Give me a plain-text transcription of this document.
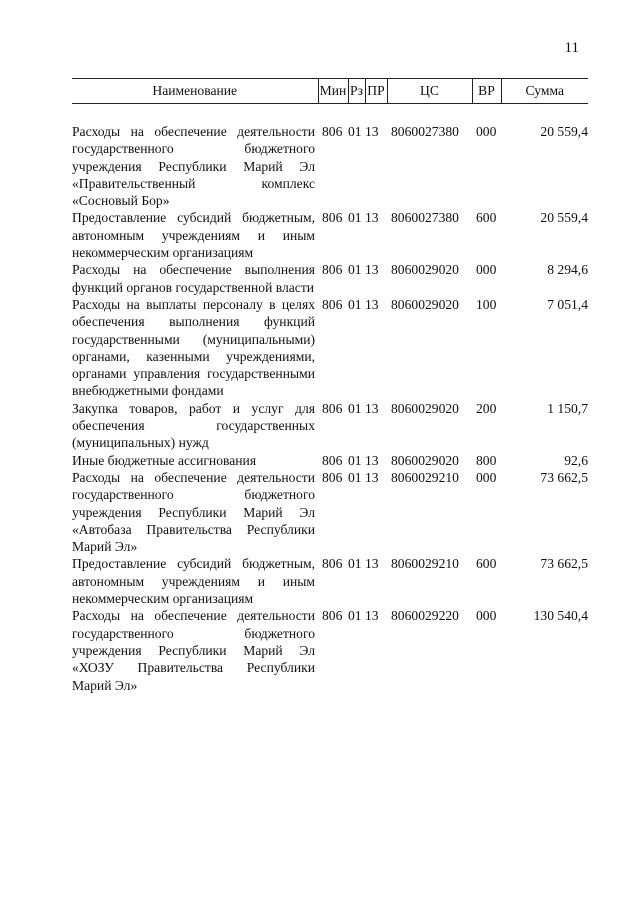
11
Наименование	Мин	Рз	ПР	ЦС	ВР	Сумма

Расходы на обеспечение деятельности государственного бюджетного учреждения Республики Марий Эл «Правительственный комплекс «Сосновый Бор»	806	01	13	8060027380	000	20 559,4
Предоставление субсидий бюджетным, автономным учреждениям и иным некоммерческим организациям	806	01	13	8060027380	600	20 559,4
Расходы на обеспечение выполнения функций органов государственной власти	806	01	13	8060029020	000	8 294,6
Расходы на выплаты персоналу в целях обеспечения выполнения функций государственными (муниципальными) органами, казенными учреждениями, органами управления государственными внебюджетными фондами	806	01	13	8060029020	100	7 051,4
Закупка товаров, работ и услуг для обеспечения государственных (муниципальных) нужд	806	01	13	8060029020	200	1 150,7
Иные бюджетные ассигнования	806	01	13	8060029020	800	92,6
Расходы на обеспечение деятельности государственного бюджетного учреждения Республики Марий Эл «Автобаза Правительства Республики Марий Эл»	806	01	13	8060029210	000	73 662,5
Предоставление субсидий бюджетным, автономным учреждениям и иным некоммерческим организациям	806	01	13	8060029210	600	73 662,5
Расходы на обеспечение деятельности государственного бюджетного учреждения Республики Марий Эл «ХОЗУ Правительства Республики Марий Эл»	806	01	13	8060029220	000	130 540,4
